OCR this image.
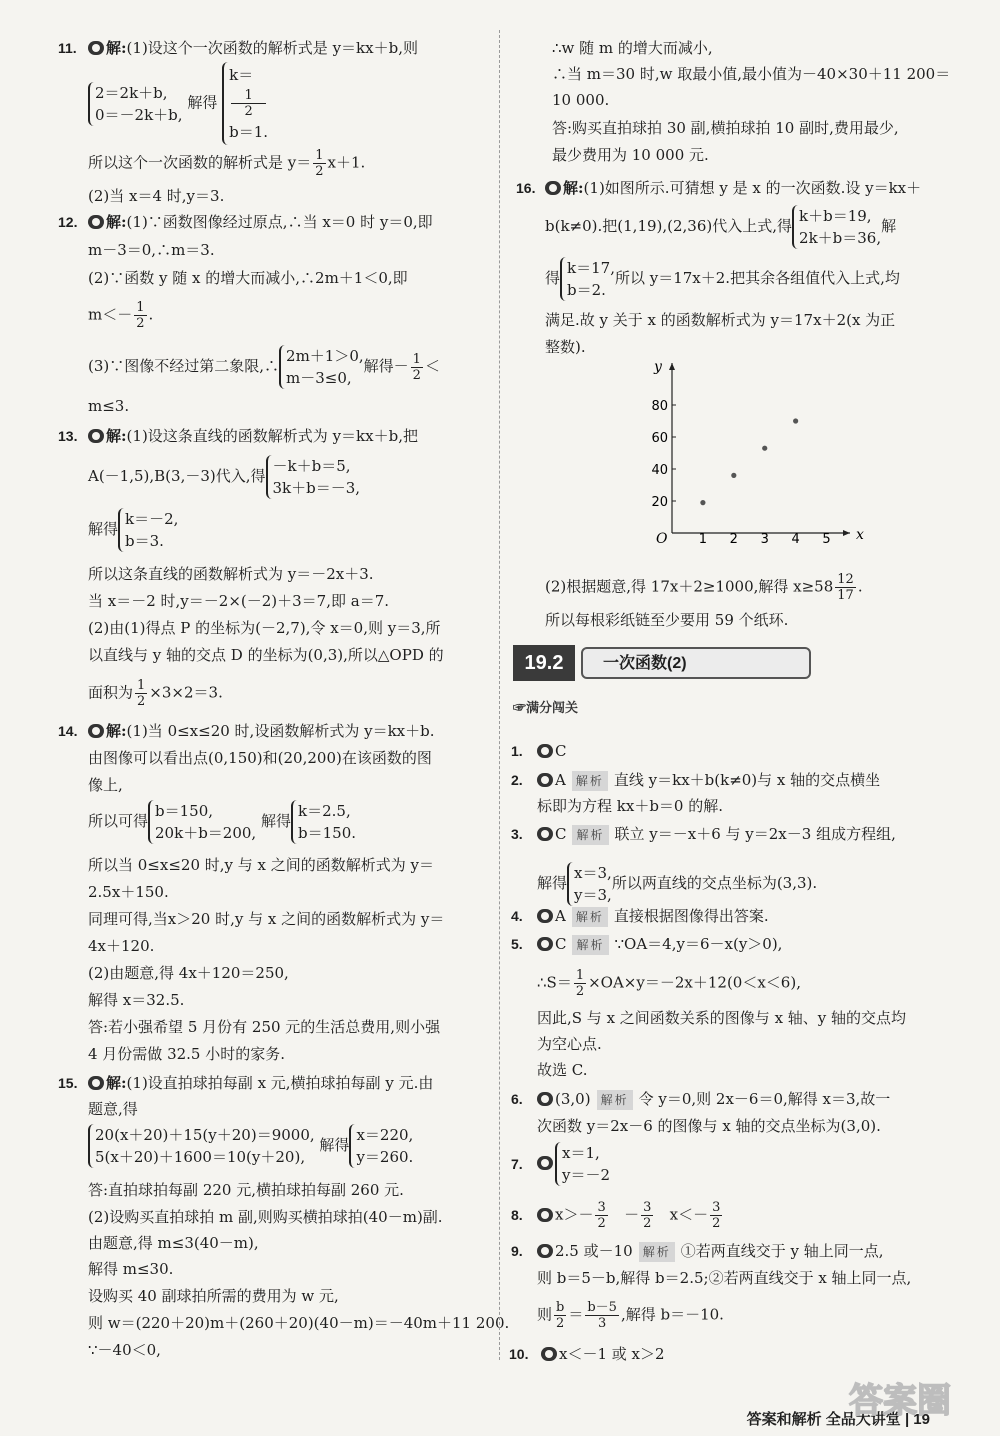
11.	解:(1)设这个一次函数的解析式是 y＝kx＋b,则
2＝2k＋b,
0＝－2k＋b,
解得
k＝
1
2
b＝1.
所以这个一次函数的解析式是 $y= \frac{1}{2} x+1$.
(2)当 x＝4 时,y＝3.
12.	解:(1)∵函数图像经过原点,∴当 x＝0 时 y＝0,即
m－3＝0,∴m＝3.
(2)∵函数 y 随 x 的增大而减小,∴2m＋1＜0,即
$m<- \frac{1}{2}$ .
(3)∵图像不经过第二象限,∴
2m＋1＞0,
m－3≤0,
解得－ $\frac{1}{2}$ ＜
m≤3.
13.	解:(1)设这条直线的函数解析式为 y＝kx＋b,把
A(－1,5),B(3,－3)代入,得
－k＋b＝5,
3k＋b＝－3,
解得
k＝－2,
b＝3.
所以这条直线的函数解析式为 y＝－2x＋3.
当 x＝－2 时,y＝－2×(－2)＋3＝7,即 a＝7.
(2)由(1)得点 P 的坐标为(－2,7),令 x＝0,则 y＝3,所
以直线与 y 轴的交点 D 的坐标为(0,3),所以△OPD 的
面积为 $\frac{1}{2} \times 3\times 2=3$.
14.	解:(1)当 0≤x≤20 时,设函数解析式为 y＝kx＋b.
由图像可以看出点(0,150)和(20,200)在该函数的图
像上,
所以可得
b＝150,
20k＋b＝200,
解得
k＝2.5,
b＝150.
所以当 0≤x≤20 时,y 与 x 之间的函数解析式为 y＝
2.5x＋150.
同理可得,当x＞20 时,y 与 x 之间的函数解析式为 y＝
4x＋120.
(2)由题意,得 4x＋120＝250,
解得 x＝32.5.
答:若小强希望 5 月份有 250 元的生活总费用,则小强
4 月份需做 32.5 小时的家务.
15.	解:(1)设直拍球拍每副 x 元,横拍球拍每副 y 元.由
题意,得
20(x＋20)＋15(y＋20)＝9000,
5(x＋20)＋1600＝10(y＋20),
解得
x＝220,
y＝260.
答:直拍球拍每副 220 元,横拍球拍每副 260 元.
(2)设购买直拍球拍 m 副,则购买横拍球拍(40－m)副.
由题意,得 m≤3(40－m),
解得 m≤30.
设购买 40 副球拍所需的费用为 w 元,
则 w＝(220＋20)m＋(260＋20)(40－m)＝－40m＋11 200.
∵－40＜0,
∴w 随 m 的增大而减小,
∴当 m＝30 时,w 取最小值,最小值为－40×30＋11 200＝
10 000.
答:购买直拍球拍 30 副,横拍球拍 10 副时,费用最少,
最少费用为 10 000 元.
16.	解:(1)如图所示.可猜想 y 是 x 的一次函数.设 y＝kx＋
b(k≠0).把(1,19),(2,36)代入上式,得
k＋b＝19,
2k＋b＝36,
解
得
k＝17,
b＝2.
所以 y＝17x＋2.把其余各组值代入上式,均
满足.故 y 关于 x 的函数解析式为 y＝17x＋2(x 为正
整数).
(2)根据题意,得 17x＋2≥1000,解得 $x\ge 58 \frac{12}{17}$ .
所以每根彩纸链至少要用 59 个纸环.
x
y
O 1 2 3 4 5
20
40
60
80
19.2	一次函数(2)
☞满分闯关
1.	C
2.	A 解析 直线 y＝kx＋b(k≠0)与 x 轴的交点横坐
标即为方程 kx＋b＝0 的解.
3.	C 解析 联立 y＝－x＋6 与 y＝2x－3 组成方程组,
4.	A 解析 直接根据图像得出答案.
5.	C 解析 ∵OA＝4,y＝6－x(y＞0),
解得
x＝3,
y＝3,
所以两直线的交点坐标为(3,3).
∴S＝ $\frac{1}{2} \times OA\times y=-2x+12(0<x<6)$,
因此,S 与 x 之间函数关系的图像与 x 轴、y 轴的交点均
为空心点.
故选 C.
6.	(3,0) 解析 令 y＝0,则 2x－6＝0,解得 x＝3,故一
次函数 y＝2x－6 的图像与 x 轴的交点坐标为(3,0).
7.
x＝1,
y＝－2
8.	$x>- \frac{3}{2} - \frac{3}{2} x<- \frac{3}{2}$
9.	2.5 或－10 解析 ①若两直线交于 y 轴上同一点,
则 b＝5－b,解得 b＝2.5;②若两直线交于 x 轴上同一点,
则 $\frac{b}{2} = \frac{b-5}{3}$ ,解得 b＝－10.
10.	x＜－1 或 x＞2
答案和解析 全品大讲堂 | 19
答案圈
